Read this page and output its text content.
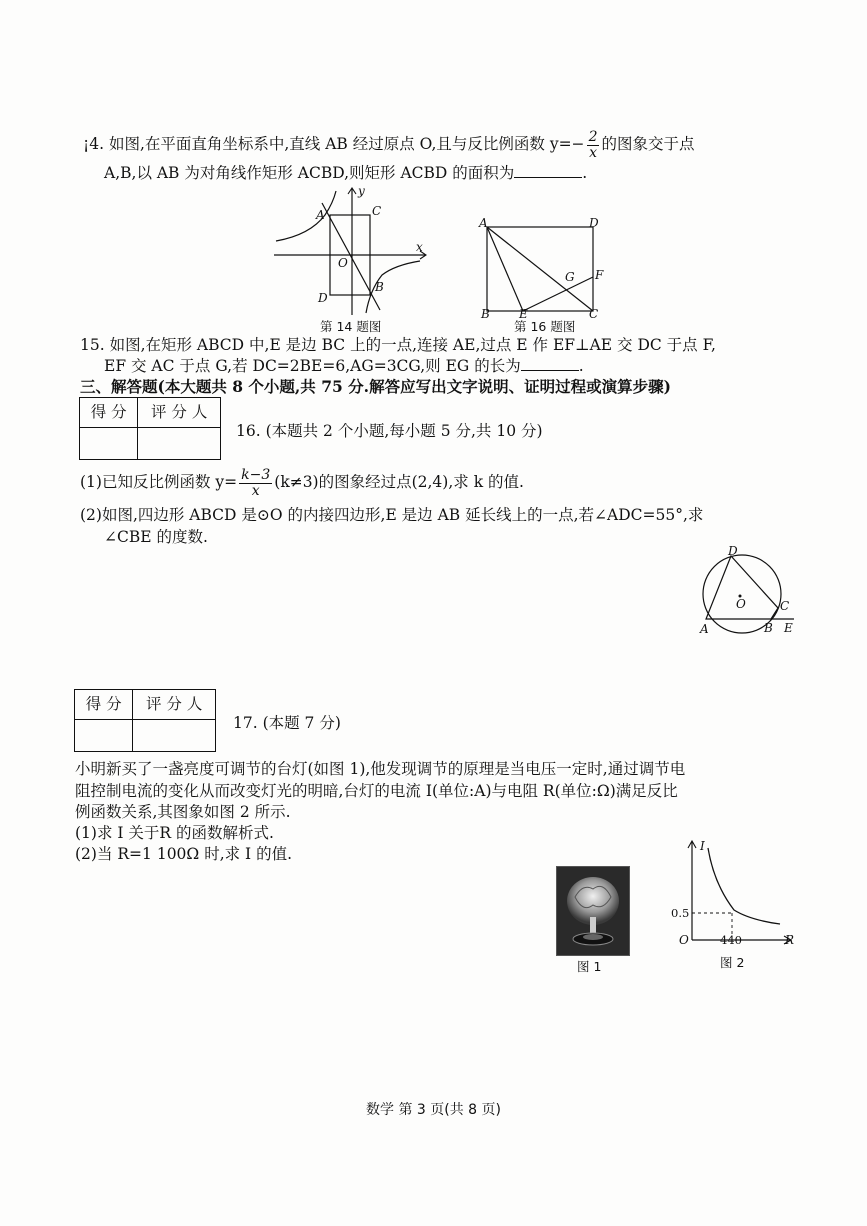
¡4. 如图,在平面直角坐标系中,直线 AB 经过原点 O,且与反比例函数 $y=- \frac{2}{x}$ 的图象交于点
A,B,以 AB 为对角线作矩形 ACBD,则矩形 ACBD 的面积为	.
A	C
O
D
B
y
x
第 14 题图
A	D
G F
B E	C
第 16 题图
15. 如图,在矩形 ABCD 中,E 是边 BC 上的一点,连接 AE,过点 E 作 EF⊥AE 交 DC 于点 F,
EF 交 AC 于点 G,若 DC=2BE=6,AG=3CG,则 EG 的长为	.
三、解答题(本大题共 8 个小题,共 75 分.解答应写出文字说明、证明过程或演算步骤)
得 分	评 分 人

16. (本题共 2 个小题,每小题 5 分,共 10 分)
(1)已知反比例函数 $y= \frac{k-3}{x} (k\ne 3)$的图象经过点(2,4),求 k 的值.
(2)如图,四边形 ABCD 是⊙O 的内接四边形,E 是边 AB 延长线上的一点,若∠ADC=55°,求
∠CBE 的度数.
D
O	C
A	B E
得 分	评 分 人

17. (本题 7 分)
小明新买了一盏亮度可调节的台灯(如图 1),他发现调节的原理是当电压一定时,通过调节电
阻控制电流的变化从而改变灯光的明暗,台灯的电流 I(单位:A)与电阻 R(单位:Ω)满足反比
例函数关系,其图象如图 2 所示.
(1)求 I 关于R 的函数解析式.
(2)当 R=1 100Ω 时,求 I 的值.
图 1
I
R
O
0.5
440
图 2
数学 第 3 页(共 8 页)
